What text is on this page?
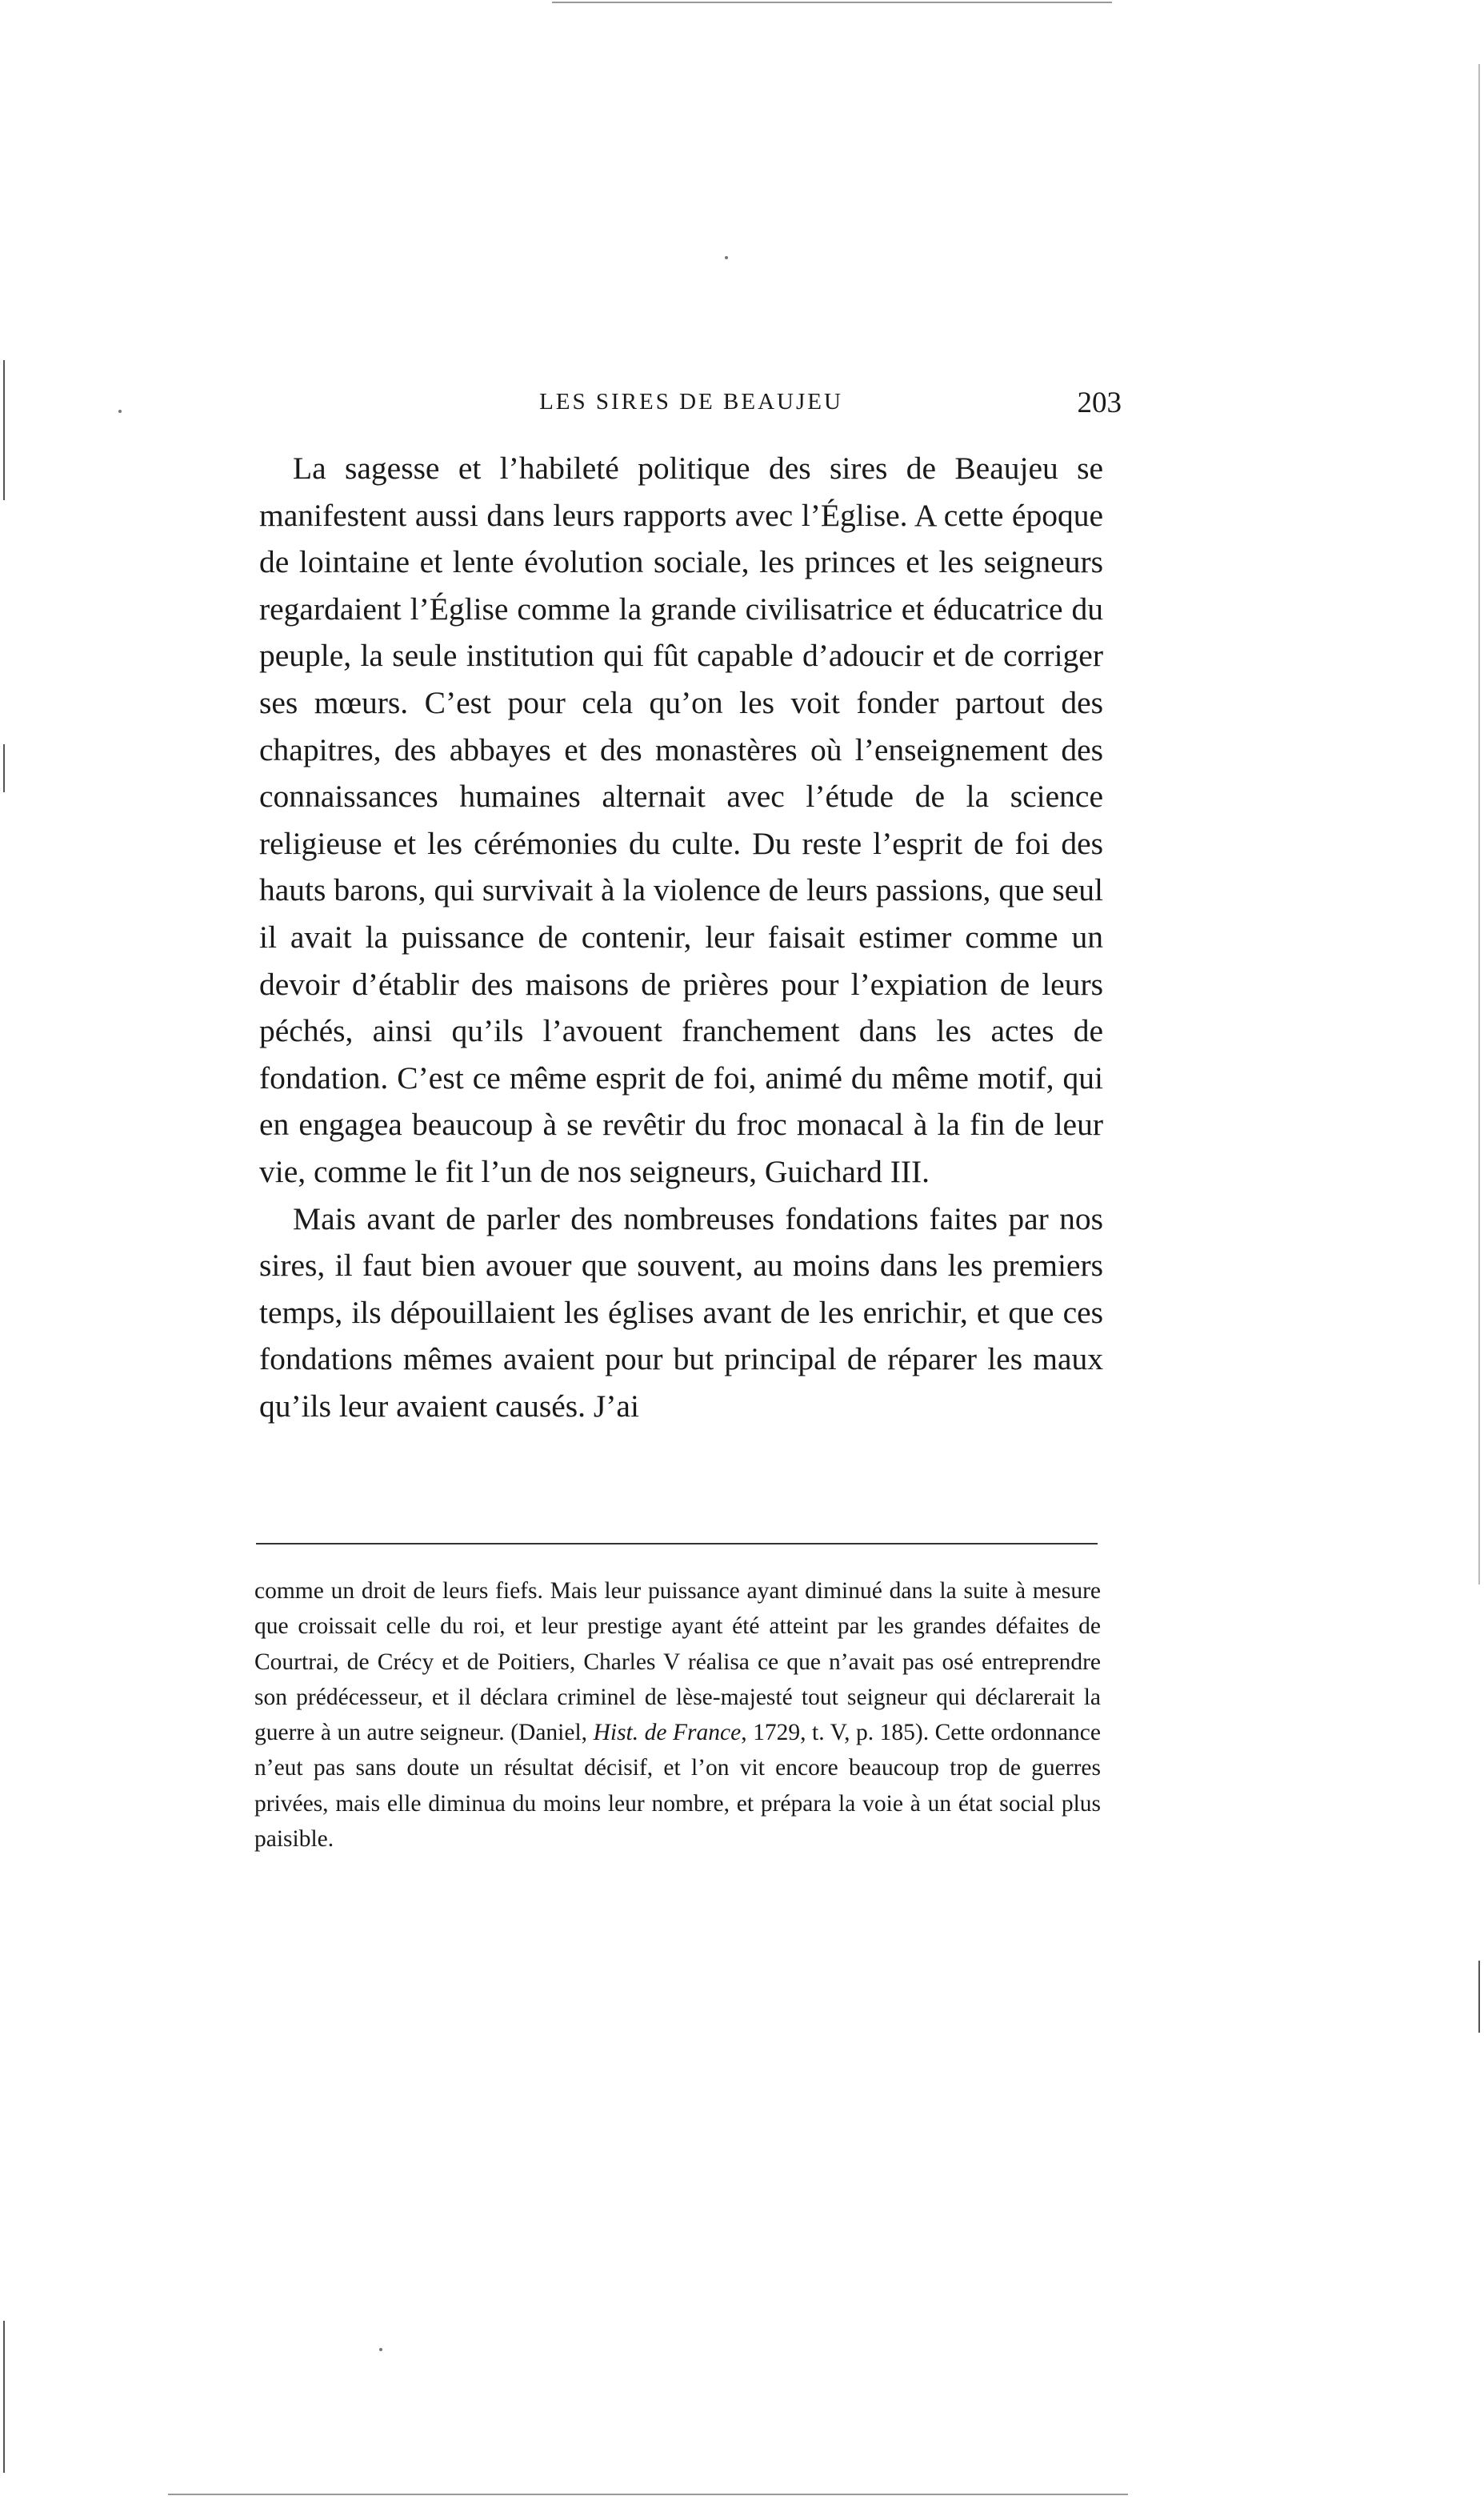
LES SIRES DE BEAUJEU	203

La sagesse et l’habileté politique des sires de Beaujeu se manifestent aussi dans leurs rapports avec l’Église. A cette époque de lointaine et lente évolution sociale, les princes et les seigneurs regardaient l’Église comme la grande civilisatrice et éducatrice du peuple, la seule institution qui fût capable d’adoucir et de corriger ses mœurs. C’est pour cela qu’on les voit fonder partout des chapitres, des abbayes et des monastères où l’enseignement des connaissances humaines alternait avec l’étude de la science religieuse et les cérémonies du culte. Du reste l’esprit de foi des hauts barons, qui survivait à la violence de leurs passions, que seul il avait la puissance de contenir, leur faisait estimer comme un devoir d’établir des maisons de prières pour l’expiation de leurs péchés, ainsi qu’ils l’avouent franchement dans les actes de fondation. C’est ce même esprit de foi, animé du même motif, qui en engagea beaucoup à se revêtir du froc monacal à la fin de leur vie, comme le fit l’un de nos seigneurs, Guichard III.

Mais avant de parler des nombreuses fondations faites par nos sires, il faut bien avouer que souvent, au moins dans les premiers temps, ils dépouillaient les églises avant de les enrichir, et que ces fondations mêmes avaient pour but principal de réparer les maux qu’ils leur avaient causés. J’ai

comme un droit de leurs fiefs. Mais leur puissance ayant diminué dans la suite à mesure que croissait celle du roi, et leur prestige ayant été atteint par les grandes défaites de Courtrai, de Crécy et de Poitiers, Charles V réalisa ce que n’avait pas osé entreprendre son prédécesseur, et il déclara criminel de lèse-majesté tout seigneur qui déclarerait la guerre à un autre seigneur. (Daniel, Hist. de France, 1729, t. V, p. 185). Cette ordonnance n’eut pas sans doute un résultat décisif, et l’on vit encore beaucoup trop de guerres privées, mais elle diminua du moins leur nombre, et prépara la voie à un état social plus paisible.
